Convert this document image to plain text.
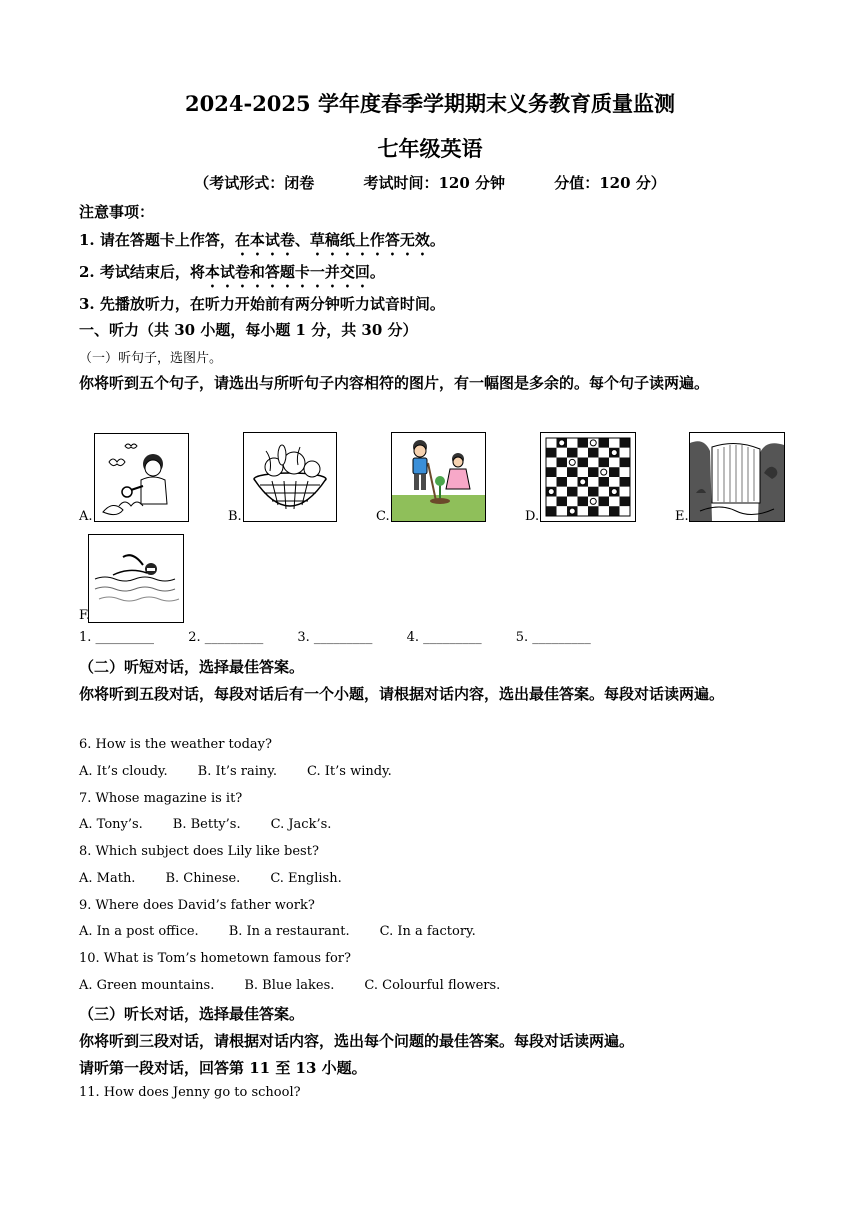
2024-2025 学年度春季学期期末义务教育质量监测
七年级英语
（考试形式：闭卷	考试时间：120 分钟	分值：120 分）
注意事项：
1. 请在答题卡上作答，在本试卷、草稿纸上作答无效。
2. 考试结束后，将本试卷和答题卡一并交回。
3. 先播放听力，在听力开始前有两分钟听力试音时间。
一、听力（共 30 小题，每小题 1 分，共 30 分）
（一）听句子，选图片。
你将听到五个句子，请选出与所听句子内容相符的图片，有一幅图是多余的。每个句子读两遍。
A.	B.	C.	D.	E.
F.
1. _________	2. _________	3. _________	4. _________	5. _________
（二）听短对话，选择最佳答案。
你将听到五段对话，每段对话后有一个小题，请根据对话内容，选出最佳答案。每段对话读两遍。
6. How is the weather today?
A. It’s cloudy. B. It’s rainy. C. It’s windy.
7. Whose magazine is it?
A. Tony’s. B. Betty’s. C. Jack’s.
8. Which subject does Lily like best?
A. Math. B. Chinese. C. English.
9. Where does David’s father work?
A. In a post office. B. In a restaurant. C. In a factory.
10. What is Tom’s hometown famous for?
A. Green mountains. B. Blue lakes. C. Colourful flowers.
（三）听长对话，选择最佳答案。
你将听到三段对话，请根据对话内容，选出每个问题的最佳答案。每段对话读两遍。
请听第一段对话，回答第 11 至 13 小题。
11. How does Jenny go to school?
